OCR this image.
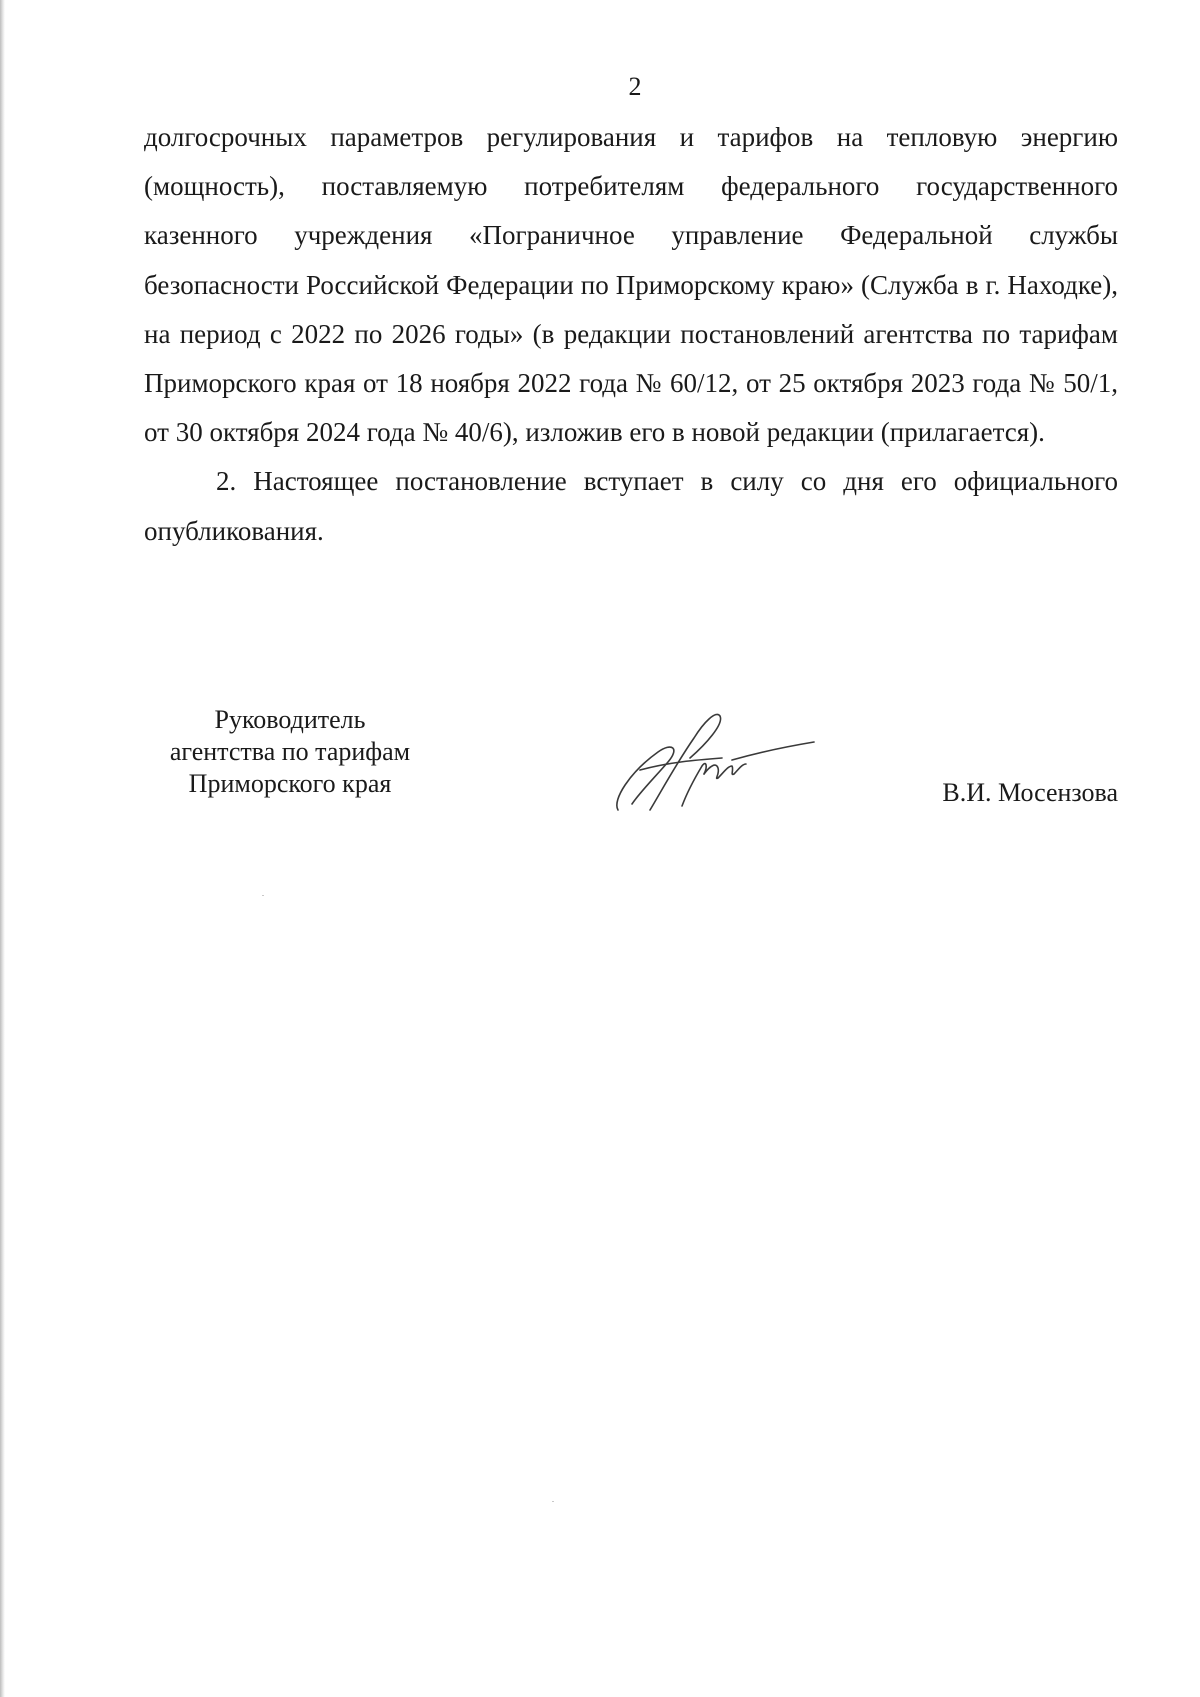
2

долгосрочных параметров регулирования и тарифов на тепловую энергию (мощность), поставляемую потребителям федерального государственного казенного учреждения «Пограничное управление Федеральной службы безопасности Российской Федерации по Приморскому краю» (Служба в г. Находке), на период с 2022 по 2026 годы» (в редакции постановлений агентства по тарифам Приморского края от 18 ноября 2022 года № 60/12, от 25 октября 2023 года № 50/1, от 30 октября 2024 года № 40/6), изложив его в новой редакции (прилагается).

2. Настоящее постановление вступает в силу со дня его официального опубликования.

Руководитель
агентства по тарифам
Приморского края	В.И. Мосензова
